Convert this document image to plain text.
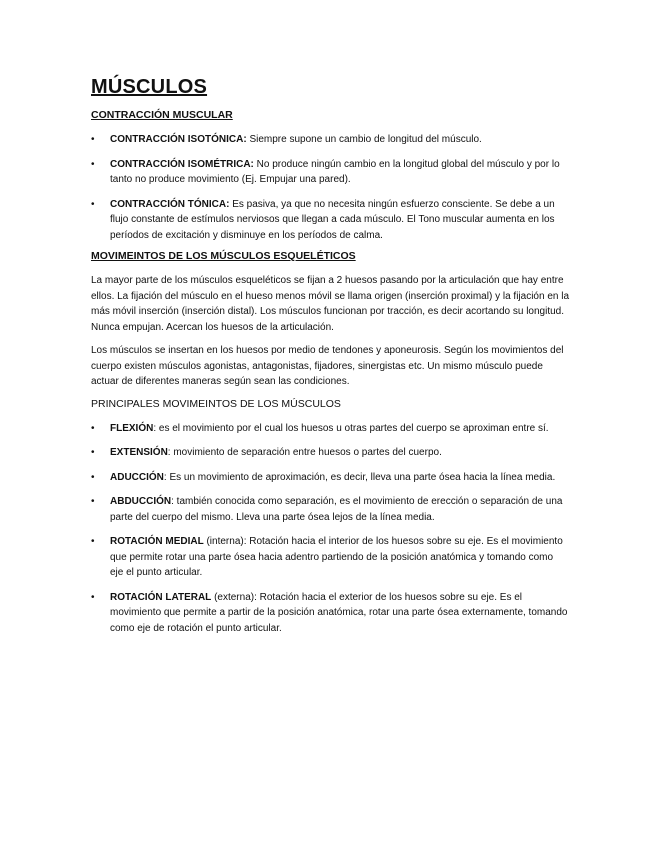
MÚSCULOS
CONTRACCIÓN MUSCULAR
• CONTRACCIÓN ISOTÓNICA: Siempre supone un cambio de longitud del músculo.
• CONTRACCIÓN ISOMÉTRICA: No produce ningún cambio en la longitud global del músculo y por lo tanto no produce movimiento (Ej. Empujar una pared).
• CONTRACCIÓN TÓNICA: Es pasiva, ya que no necesita ningún esfuerzo consciente. Se debe a un flujo constante de estímulos nerviosos que llegan a cada músculo. El Tono muscular aumenta en los períodos de excitación y disminuye en los períodos de calma.
MOVIMEINTOS DE LOS MÚSCULOS ESQUELÉTICOS

La mayor parte de los músculos esqueléticos se fijan a 2 huesos pasando por la articulación que hay entre ellos. La fijación del músculo en el hueso menos móvil se llama origen (inserción proximal) y la fijación en la más móvil inserción (inserción distal). Los músculos funcionan por tracción, es decir acortando su longitud. Nunca empujan. Acercan los huesos de la articulación.

Los músculos se insertan en los huesos por medio de tendones y aponeurosis. Según los movimientos del cuerpo existen músculos agonistas, antagonistas, fijadores, sinergistas etc. Un mismo músculo puede actuar de diferentes maneras según sean las condiciones.

PRINCIPALES MOVIMEINTOS DE LOS MÚSCULOS
• FLEXIÓN: es el movimiento por el cual los huesos u otras partes del cuerpo se aproximan entre sí.
• EXTENSIÓN: movimiento de separación entre huesos o partes del cuerpo.
• ADUCCIÓN: Es un movimiento de aproximación, es decir, lleva una parte ósea hacia la línea media.
• ABDUCCIÓN: también conocida como separación, es el movimiento de erección o separación de una parte del cuerpo del mismo. Lleva una parte ósea lejos de la línea media.
• ROTACIÓN MEDIAL (interna): Rotación hacia el interior de los huesos sobre su eje. Es el movimiento que permite rotar una parte ósea hacia adentro partiendo de la posición anatómica y tomando como eje el punto articular.
• ROTACIÓN LATERAL (externa): Rotación hacia el exterior de los huesos sobre su eje. Es el movimiento que permite a partir de la posición anatómica, rotar una parte ósea externamente, tomando como eje de rotación el punto articular.
